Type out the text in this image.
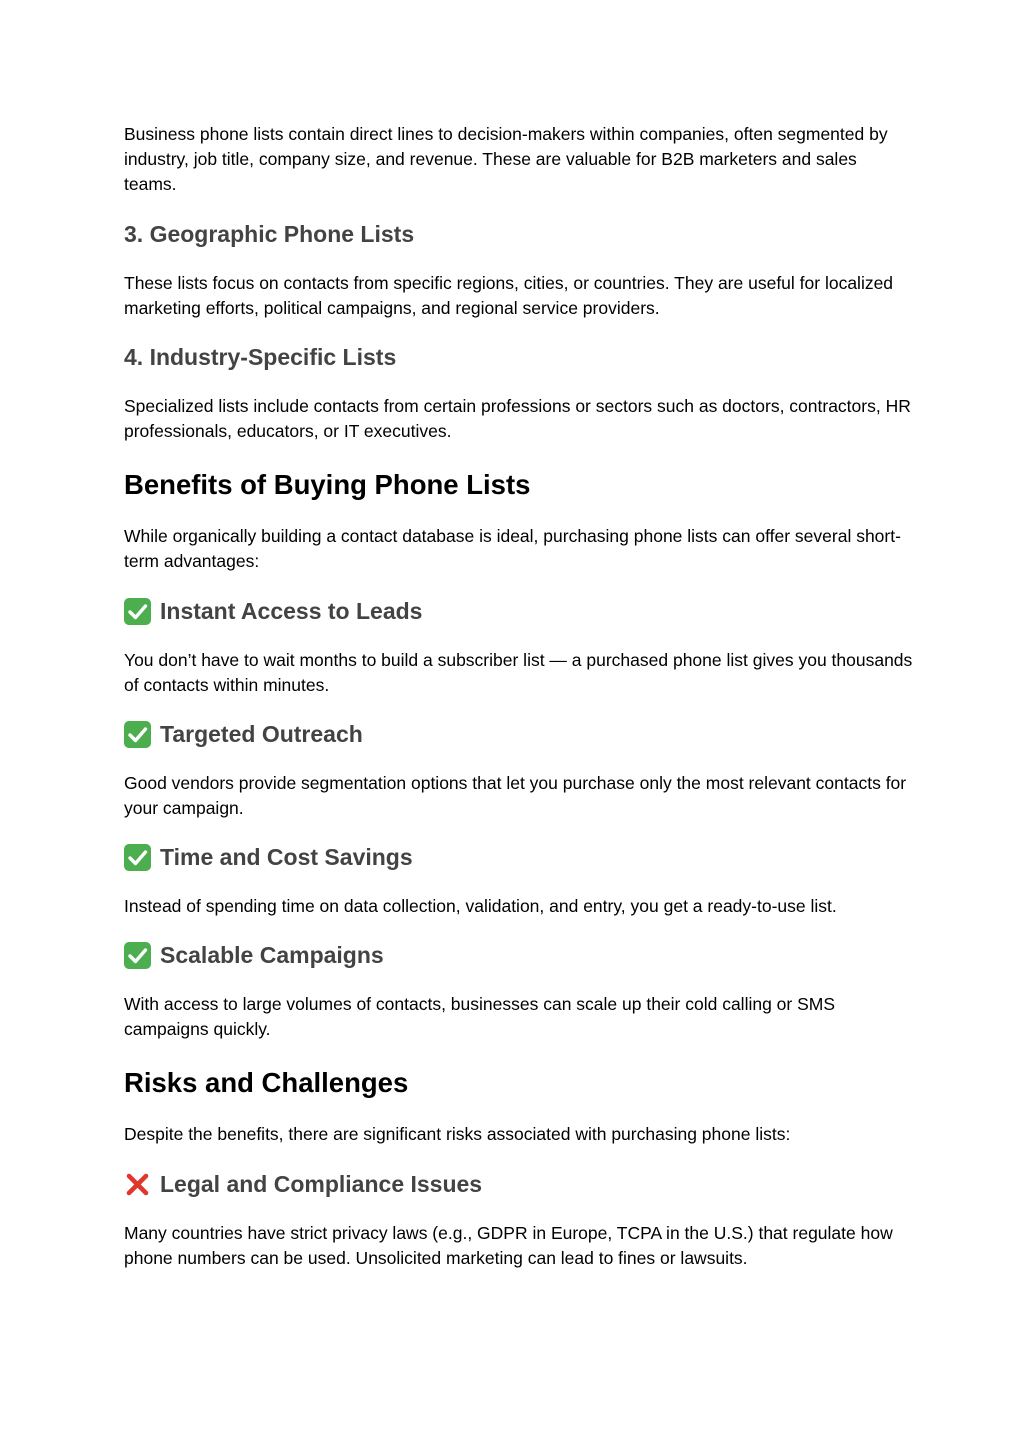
Business phone lists contain direct lines to decision-makers within companies, often segmented by industry, job title, company size, and revenue. These are valuable for B2B marketers and sales teams.

3. Geographic Phone Lists

These lists focus on contacts from specific regions, cities, or countries. They are useful for localized marketing efforts, political campaigns, and regional service providers.

4. Industry-Specific Lists

Specialized lists include contacts from certain professions or sectors such as doctors, contractors, HR professionals, educators, or IT executives.

Benefits of Buying Phone Lists

While organically building a contact database is ideal, purchasing phone lists can offer several short-term advantages:

Instant Access to Leads

You don’t have to wait months to build a subscriber list — a purchased phone list gives you thousands of contacts within minutes.

Targeted Outreach

Good vendors provide segmentation options that let you purchase only the most relevant contacts for your campaign.

Time and Cost Savings

Instead of spending time on data collection, validation, and entry, you get a ready-to-use list.

Scalable Campaigns

With access to large volumes of contacts, businesses can scale up their cold calling or SMS campaigns quickly.

Risks and Challenges

Despite the benefits, there are significant risks associated with purchasing phone lists:

Legal and Compliance Issues

Many countries have strict privacy laws (e.g., GDPR in Europe, TCPA in the U.S.) that regulate how phone numbers can be used. Unsolicited marketing can lead to fines or lawsuits.
